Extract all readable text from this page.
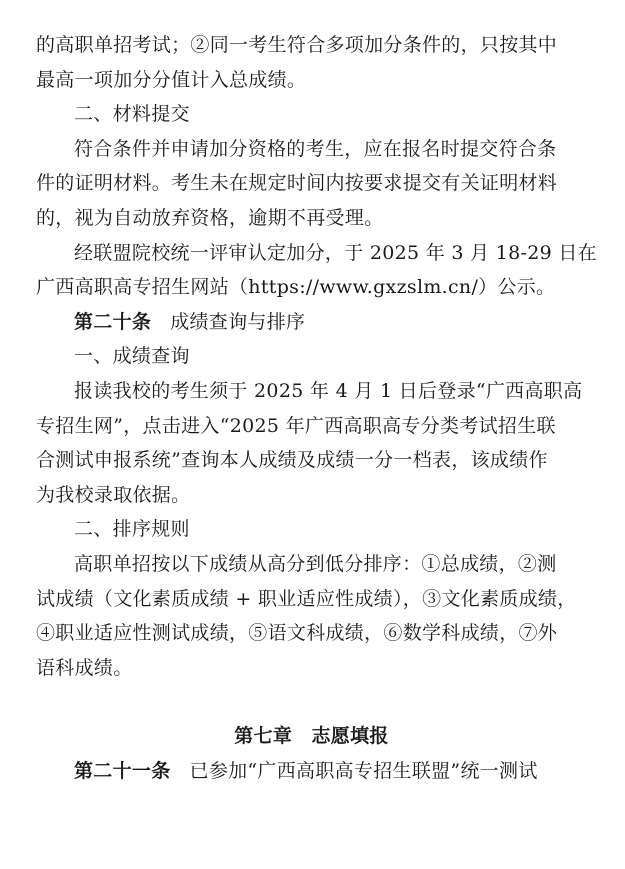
的高职单招考试；②同一考生符合多项加分条件的，只按其中
最高一项加分分值计入总成绩。
二、材料提交
符合条件并申请加分资格的考生，应在报名时提交符合条
件的证明材料。考生未在规定时间内按要求提交有关证明材料
的，视为自动放弃资格，逾期不再受理。
经联盟院校统一评审认定加分，于 2025 年 3 月 18-29 日在
广西高职高专招生网站（https://www.gxzslm.cn/）公示。
第二十条 成绩查询与排序
一、成绩查询
报读我校的考生须于 2025 年 4 月 1 日后登录“广西高职高
专招生网”，点击进入“2025 年广西高职高专分类考试招生联
合测试申报系统”查询本人成绩及成绩一分一档表，该成绩作
为我校录取依据。
二、排序规则
高职单招按以下成绩从高分到低分排序：①总成绩，②测
试成绩（文化素质成绩 + 职业适应性成绩），③文化素质成绩，
④职业适应性测试成绩，⑤语文科成绩，⑥数学科成绩，⑦外
语科成绩。
第七章　志愿填报
第二十一条 已参加“广西高职高专招生联盟”统一测试
